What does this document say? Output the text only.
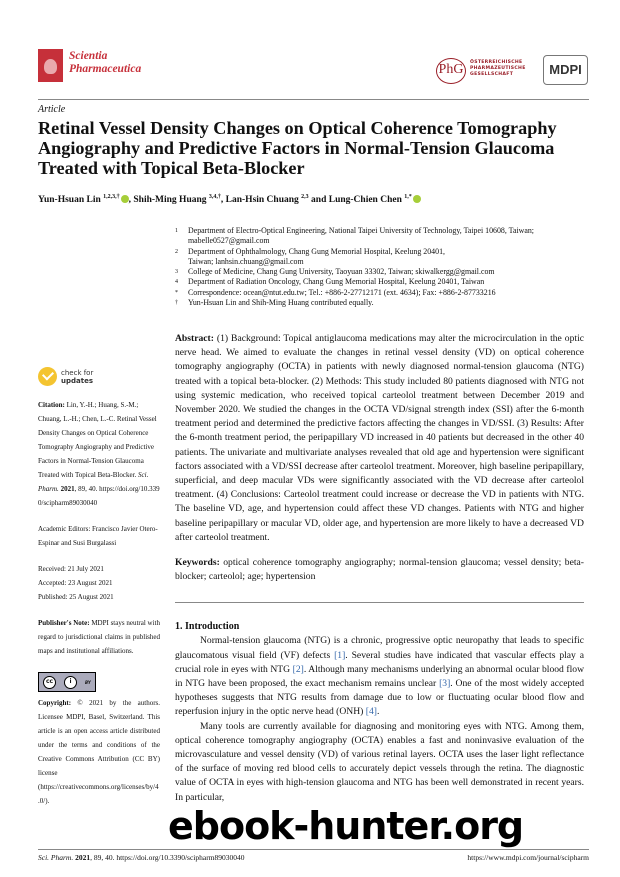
Scientia
Pharmaceutica	PhG	ÖSTERREICHISCHE
PHARMAZEUTISCHE
GESELLSCHAFT	MDPI
Article
Retinal Vessel Density Changes on Optical Coherence Tomography Angiography and Predictive Factors in Normal-Tension Glaucoma Treated with Topical Beta-Blocker
Yun-Hsuan Lin $^{1,2,3,\dagger}$ , Shih-Ming Huang $^{3,4,\dagger}$, Lan-Hsin Chuang $^{2,3}$ and Lung-Chien Chen $^{1,*}$
1	Department of Electro-Optical Engineering, National Taipei University of Technology, Taipei 10608, Taiwan; mabelle0527@gmail.com
2	Department of Ophthalmology, Chang Gung Memorial Hospital, Keelung 20401, Taiwan; lanhsin.chuang@gmail.com
3	College of Medicine, Chang Gung University, Taoyuan 33302, Taiwan; skiwalkergg@gmail.com
4	Department of Radiation Oncology, Chang Gung Memorial Hospital, Keelung 20401, Taiwan
*	Correspondence: ocean@ntut.edu.tw; Tel.: +886-2-27712171 (ext. 4634); Fax: +886-2-87733216
†	Yun-Hsuan Lin and Shih-Ming Huang contributed equally.
Abstract: (1) Background: Topical antiglaucoma medications may alter the microcirculation in the optic nerve head. We aimed to evaluate the changes in retinal vessel density (VD) on optical coherence tomography angiography (OCTA) in patients with newly diagnosed normal-tension glaucoma (NTG) treated with a topical beta-blocker. (2) Methods: This study included 80 patients diagnosed with NTG not using systemic medication, who received topical carteolol treatment between December 2019 and November 2020. We studied the changes in the OCTA VD/signal strength index (SSI) after the 6-month treatment period and determined the predictive factors affecting the changes in VD/SSI. (3) Results: After the 6-month treatment period, the peripapillary VD increased in 40 patients but decreased in the other 40 patients. The univariate and multivariate analyses revealed that old age and hypertension were significant factors associated with a VD/SSI decrease after carteolol treatment. Moreover, high baseline peripapillary, superficial, and deep macular VDs were significantly associated with the VD decrease after carteolol treatment. (4) Conclusions: Carteolol treatment could increase or decrease the VD in patients with NTG. The baseline VD, age, and hypertension could affect these VD changes. Patients with NTG and higher baseline peripapillary or macular VD, older age, and hypertension are more likely to have a decreased VD after carteolol treatment.
Keywords: optical coherence tomography angiography; normal-tension glaucoma; vessel density; beta-blocker; carteolol; age; hypertension
1. Introduction

Normal-tension glaucoma (NTG) is a chronic, progressive optic neuropathy that leads to specific glaucomatous visual field (VF) defects [1]. Several studies have indicated that vascular effects play a crucial role in eyes with NTG [2]. Although many mechanisms underlying an abnormal ocular blood flow in NTG have been proposed, the exact mechanism remains unclear [3]. One of the most widely accepted hypotheses suggests that NTG results from damage due to low or fluctuating ocular blood flow and reperfusion injury in the optic nerve head (ONH) [4].

Many tools are currently available for diagnosing and monitoring eyes with NTG. Among them, optical coherence tomography angiography (OCTA) enables a fast and noninvasive evaluation of the microvasculature and vessel density (VD) of various retinal layers. OCTA uses the laser light reflectance of the surface of moving red blood cells to accurately depict vessels through the retina. The diagnostic value of OCTA in eyes with high-tension glaucoma and NTG has been well demonstrated in recent years. In particular,

check for
updates
Citation: Lin, Y.-H.; Huang, S.-M.; Chuang, L.-H.; Chen, L.-C. Retinal Vessel Density Changes on Optical Coherence Tomography Angiography and Predictive Factors in Normal-Tension Glaucoma Treated with Topical Beta-Blocker. Sci. Pharm. 2021, 89, 40. https://doi.org/10.3390/scipharm89030040
Academic Editors: Francisco Javier Otero-Espinar and Susi Burgalassi
Received: 21 July 2021
Accepted: 23 August 2021
Published: 25 August 2021
Publisher's Note: MDPI stays neutral with regard to jurisdictional claims in published maps and institutional affiliations.
cc	i	BY
Copyright: © 2021 by the authors. Licensee MDPI, Basel, Switzerland. This article is an open access article distributed under the terms and conditions of the Creative Commons Attribution (CC BY) license (https://creativecommons.org/licenses/by/4.0/).
ebook-hunter.org
Sci. Pharm. 2021, 89, 40. https://doi.org/10.3390/scipharm89030040	https://www.mdpi.com/journal/scipharm
